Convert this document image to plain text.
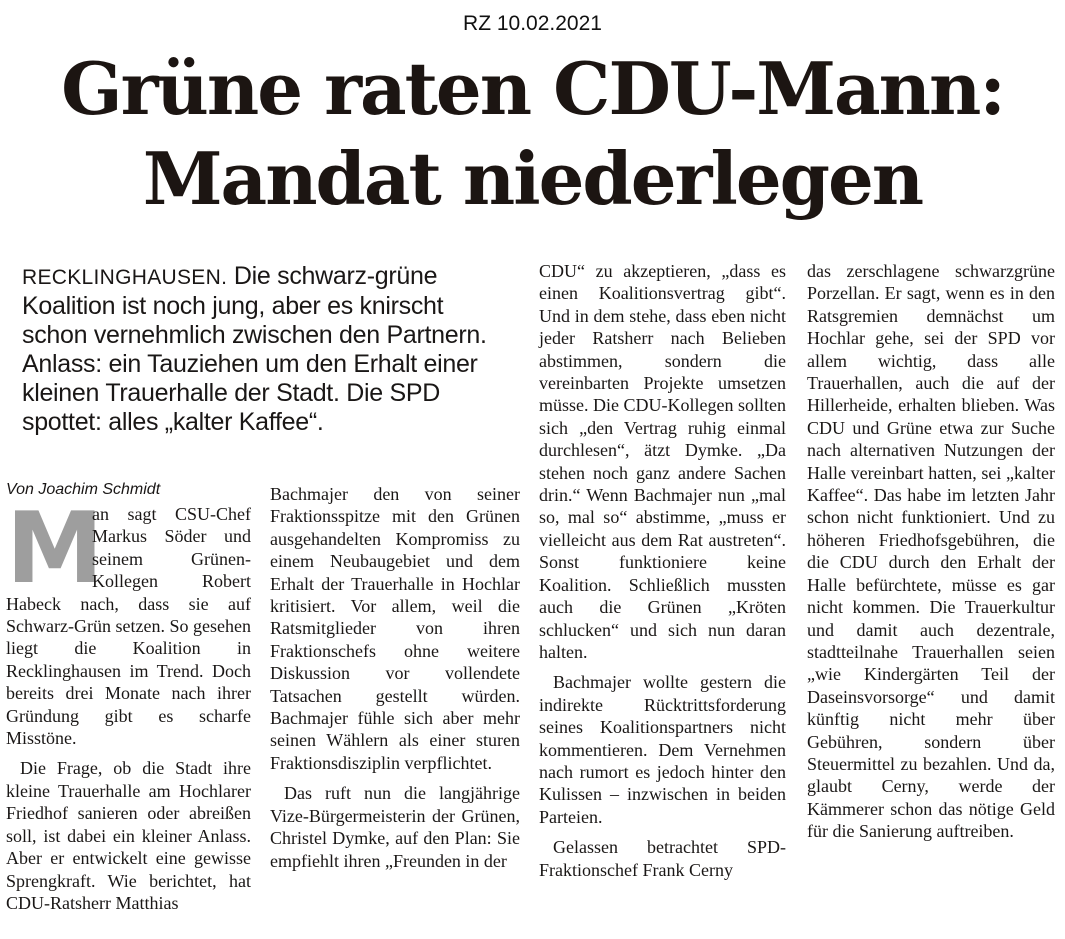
RZ 10.02.2021
Grüne raten CDU-Mann:
Mandat niederlegen
RECKLINGHAUSEN. Die schwarz-grüne Koalition ist noch jung, aber es knirscht schon vernehmlich zwischen den Partnern. Anlass: ein Tauziehen um den Erhalt einer kleinen Trauerhalle der Stadt. Die SPD spottet: alles „kalter Kaffee“.
Von Joachim Schmidt

M
an sagt CSU-Chef Markus Söder und seinem Grünen-Kollegen Robert Habeck nach, dass sie auf Schwarz-Grün setzen. So gesehen liegt die Koalition in Recklinghausen im Trend. Doch bereits drei Monate nach ihrer Gründung gibt es scharfe Misstöne.

Die Frage, ob die Stadt ihre kleine Trauerhalle am Hochlarer Friedhof sanieren oder abreißen soll, ist dabei ein kleiner Anlass. Aber er entwickelt eine gewisse Sprengkraft. Wie berichtet, hat CDU-Ratsherr Matthias

Bachmajer den von seiner Fraktionsspitze mit den Grünen ausgehandelten Kompromiss zu einem Neubaugebiet und dem Erhalt der Trauerhalle in Hochlar kritisiert. Vor allem, weil die Ratsmitglieder von ihren Fraktionschefs ohne weitere Diskussion vor vollendete Tatsachen gestellt würden. Bachmajer fühle sich aber mehr seinen Wählern als einer sturen Fraktionsdisziplin verpflichtet.

Das ruft nun die langjährige Vize-Bürgermeisterin der Grünen, Christel Dymke, auf den Plan: Sie empfiehlt ihren „Freunden in der

CDU“ zu akzeptieren, „dass es einen Koalitionsvertrag gibt“. Und in dem stehe, dass eben nicht jeder Ratsherr nach Belieben abstimmen, sondern die vereinbarten Projekte umsetzen müsse. Die CDU-Kollegen sollten sich „den Vertrag ruhig einmal durchlesen“, ätzt Dymke. „Da stehen noch ganz andere Sachen drin.“ Wenn Bachmajer nun „mal so, mal so“ abstimme, „muss er vielleicht aus dem Rat austreten“. Sonst funktioniere keine Koalition. Schließlich mussten auch die Grünen „Kröten schlucken“ und sich nun daran halten.

Bachmajer wollte gestern die indirekte Rücktrittsforderung seines Koalitionspartners nicht kommentieren. Dem Vernehmen nach rumort es jedoch hinter den Kulissen – inzwischen in beiden Parteien.

Gelassen betrachtet SPD-Fraktionschef Frank Cerny

das zerschlagene schwarzgrüne Porzellan. Er sagt, wenn es in den Ratsgremien demnächst um Hochlar gehe, sei der SPD vor allem wichtig, dass alle Trauerhallen, auch die auf der Hillerheide, erhalten blieben. Was CDU und Grüne etwa zur Suche nach alternativen Nutzungen der Halle vereinbart hatten, sei „kalter Kaffee“. Das habe im letzten Jahr schon nicht funktioniert. Und zu höheren Friedhofsgebühren, die die CDU durch den Erhalt der Halle befürchtete, müsse es gar nicht kommen. Die Trauerkultur und damit auch dezentrale, stadtteilnahe Trauerhallen seien „wie Kindergärten Teil der Daseinsvorsorge“ und damit künftig nicht mehr über Gebühren, sondern über Steuermittel zu bezahlen. Und da, glaubt Cerny, werde der Kämmerer schon das nötige Geld für die Sanierung auftreiben.
